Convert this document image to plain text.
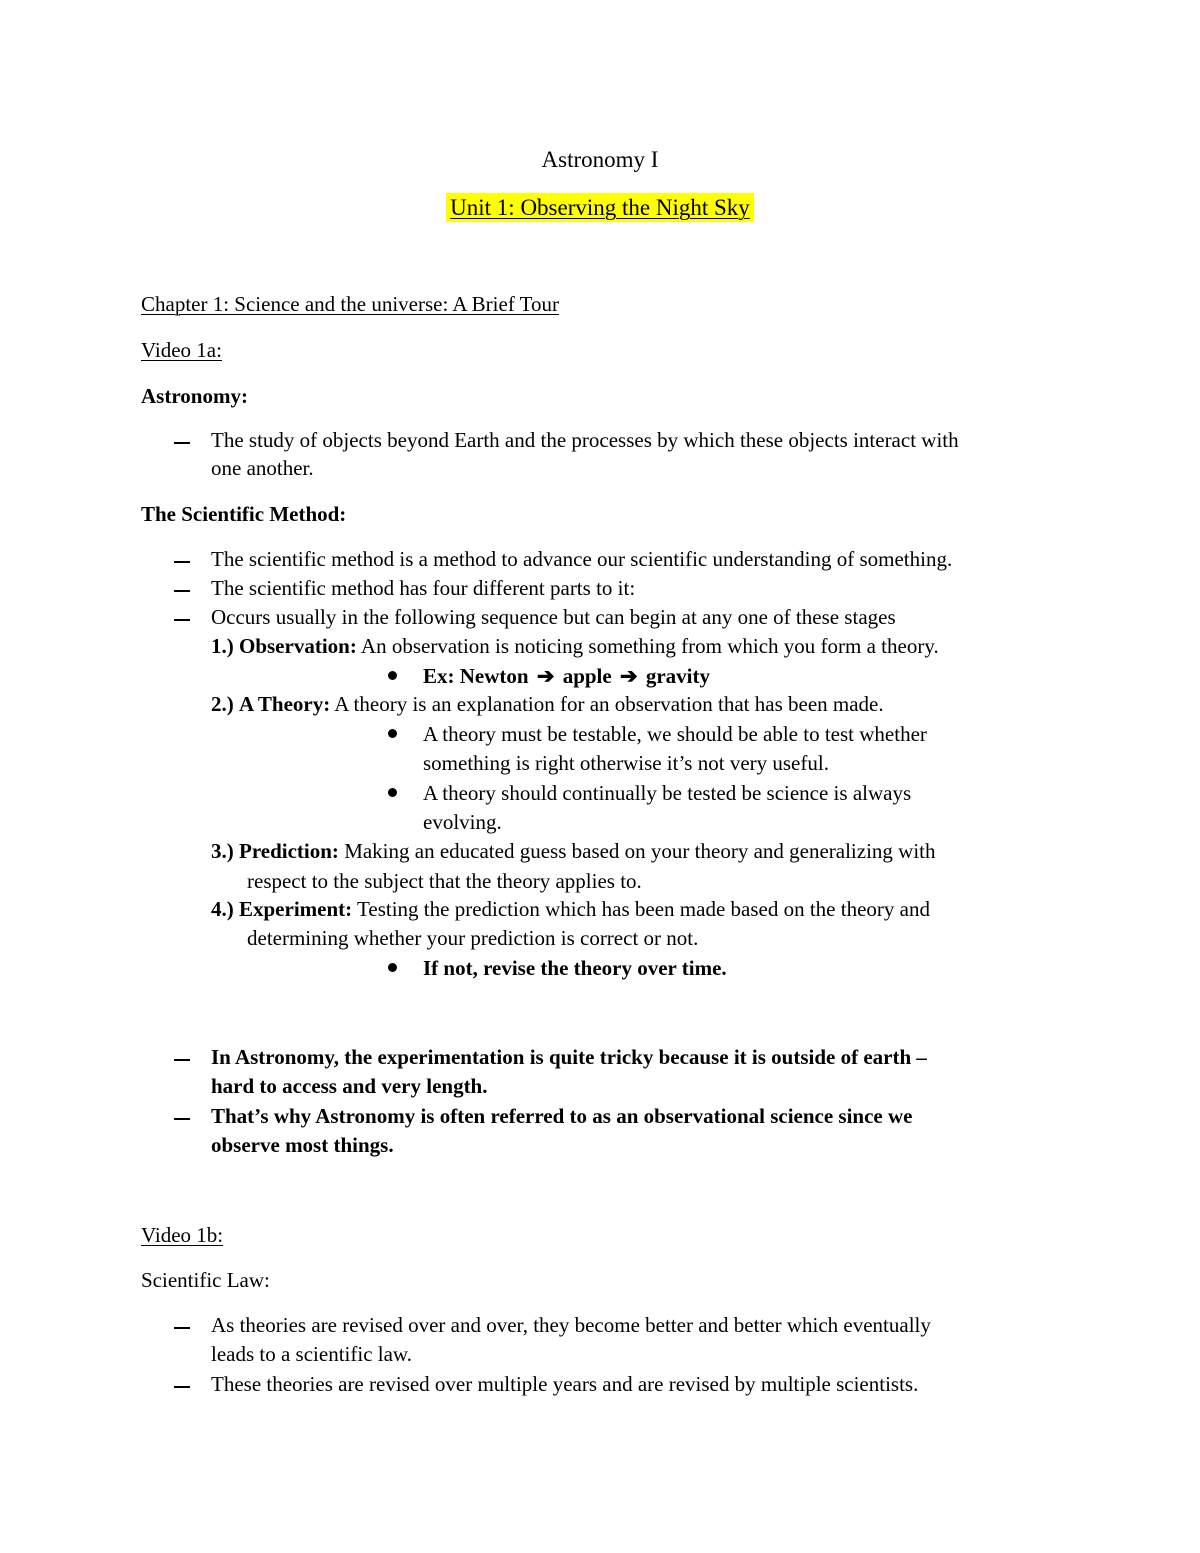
Astronomy I
Unit 1: Observing the Night Sky
Chapter 1: Science and the universe: A Brief Tour
Video 1a:
Astronomy:
The study of objects beyond Earth and the processes by which these objects interact with
one another.
The Scientific Method:
The scientific method is a method to advance our scientific understanding of something.
The scientific method has four different parts to it:
Occurs usually in the following sequence but can begin at any one of these stages
1.) Observation: An observation is noticing something from which you form a theory.
Ex: Newton ➔ apple ➔ gravity
2.) A Theory: A theory is an explanation for an observation that has been made.
A theory must be testable, we should be able to test whether
something is right otherwise it’s not very useful.
A theory should continually be tested be science is always
evolving.
3.) Prediction: Making an educated guess based on your theory and generalizing with
respect to the subject that the theory applies to.
4.) Experiment: Testing the prediction which has been made based on the theory and
determining whether your prediction is correct or not.
If not, revise the theory over time.
In Astronomy, the experimentation is quite tricky because it is outside of earth –
hard to access and very length.
That’s why Astronomy is often referred to as an observational science since we
observe most things.
Video 1b:
Scientific Law:
As theories are revised over and over, they become better and better which eventually
leads to a scientific law.
These theories are revised over multiple years and are revised by multiple scientists.
